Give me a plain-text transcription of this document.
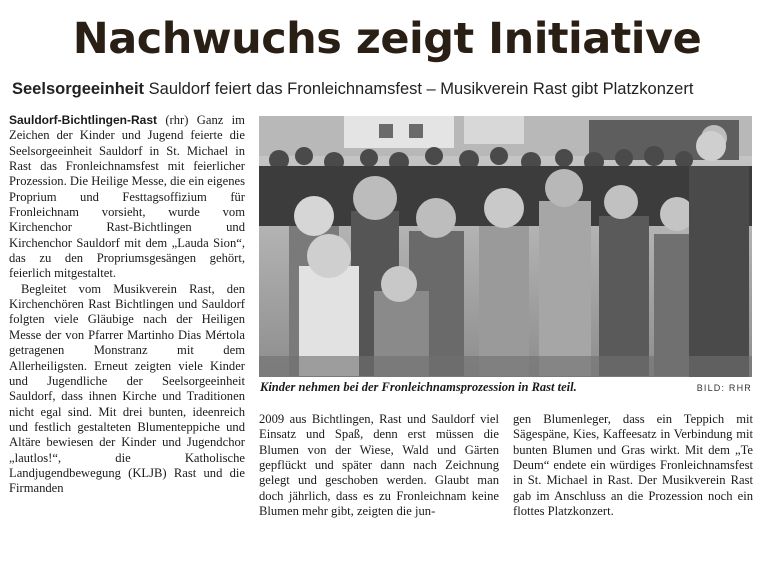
Nachwuchs zeigt Initiative
Seelsorgeeinheit Sauldorf feiert das Fronleichnamsfest – Musikverein Rast gibt Platzkonzert

Sauldorf-Bichtlingen-Rast (rhr) Ganz im Zeichen der Kinder und Jugend feierte die Seelsorgeeinheit Sauldorf in St. Michael in Rast das Fronleichnamsfest mit feierlicher Prozession. Die Heilige Messe, die ein eigenes Proprium und Festtagsoffizium für Fronleichnam vorsieht, wurde vom Kirchenchor Rast-Bichtlingen und Kirchenchor Sauldorf mit dem „Lauda Sion“, das zu den Propriumsgesängen gehört, feierlich mitgestaltet.

Begleitet vom Musikverein Rast, den Kirchenchören Rast Bichtlingen und Sauldorf folgten viele Gläubige nach der Heiligen Messe der von Pfarrer Martinho Dias Mértola getragenen Monstranz mit dem Allerheiligsten. Erneut zeigten viele Kinder und Jugendliche der Seelsorgeeinheit Sauldorf, dass ihnen Kirche und Traditionen nicht egal sind. Mit drei bunten, ideenreich und festlich gestalteten Blumenteppiche und Altäre bewiesen der Kinder und Jugendchor „lautlos!“, die Katholische Landjugendbewegung (KLJB) Rast und die Firmanden

Kinder nehmen bei der Fronleichnamsprozession in Rast teil.	BILD: RHR

2009 aus Bichtlingen, Rast und Sauldorf viel Einsatz und Spaß, denn erst müssen die Blumen von der Wiese, Wald und Gärten gepflückt und später dann nach Zeichnung gelegt und geschoben werden. Glaubt man doch jährlich, dass es zu Fronleichnam keine Blumen mehr gibt, zeigten die jun-

gen Blumenleger, dass ein Teppich mit Sägespäne, Kies, Kaffeesatz in Verbindung mit bunten Blumen und Gras wirkt. Mit dem „Te Deum“ endete ein würdiges Fronleichnamsfest in St. Michael in Rast. Der Musikverein Rast gab im Anschluss an die Prozession noch ein flottes Platzkonzert.
